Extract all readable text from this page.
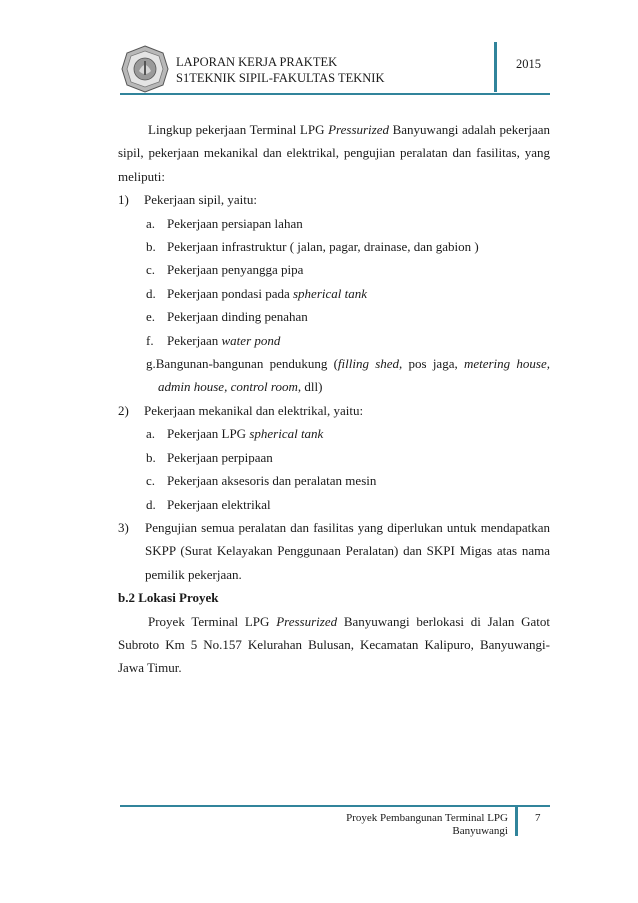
LAPORAN KERJA PRAKTEK
S1TEKNIK SIPIL-FAKULTAS TEKNIK
2015

Lingkup pekerjaan Terminal LPG Pressurized Banyuwangi adalah pekerjaan sipil, pekerjaan mekanikal dan elektrikal, pengujian peralatan dan fasilitas, yang meliputi:

1)	Pekerjaan sipil, yaitu:
a. Pekerjaan persiapan lahan
b. Pekerjaan infrastruktur ( jalan, pagar, drainase, dan gabion )
c. Pekerjaan penyangga pipa
d. Pekerjaan pondasi pada spherical tank
e. Pekerjaan dinding penahan
f.	Pekerjaan water pond
g.Bangunan-bangunan pendukung (filling shed, pos jaga, metering house,
admin house, control room, dll)
2)	Pekerjaan mekanikal dan elektrikal, yaitu:
a. Pekerjaan LPG spherical tank
b. Pekerjaan perpipaan
c. Pekerjaan aksesoris dan peralatan mesin
d. Pekerjaan elektrikal
3)	Pengujian semua peralatan dan fasilitas yang diperlukan untuk mendapatkan
SKPP (Surat Kelayakan Penggunaan Peralatan) dan SKPI Migas atas nama pemilik pekerjaan.

b.2 Lokasi Proyek

Proyek Terminal LPG Pressurized Banyuwangi berlokasi di Jalan Gatot Subroto Km 5 No.157 Kelurahan Bulusan, Kecamatan Kalipuro, Banyuwangi-Jawa Timur.

Proyek Pembangunan Terminal LPG
Banyuwangi
7
